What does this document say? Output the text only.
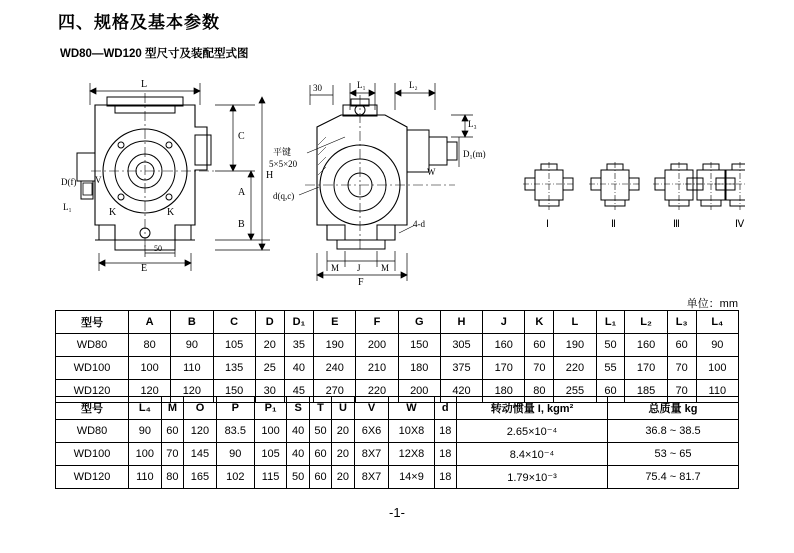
四、规格及基本参数
WD80—WD120 型尺寸及装配型式图
L
C
A
B
H
D(f) V
L₁	K	K
E
50
30	L₁	L₂
d(q,c)
平键
5×5×20
L₃
D₁(m)
W
4-d
M J M
F
Ⅰ	Ⅱ	Ⅲ	Ⅳ
单位：mm
型号	A	B	C	D	D₁	E	F	G	H	J	K	L	L₁	L₂	L₃	L₄
WD80	80	90	105	20	35	190	200	150	305	160	60	190	50	160	60	90
WD100	100	110	135	25	40	240	210	180	375	170	70	220	55	170	70	100
WD120	120	120	150	30	45	270	220	200	420	180	80	255	60	185	70	110
型号	L₄	M	O	P	P₁	S	T	U	V	W	d	转动惯量 I, kgm²	总质量 kg
WD80	90	60	120	83.5	100	40	50	20	6X6	10X8	18	2.65×10⁻⁴	36.8 ~ 38.5
WD100	100	70	145	90	105	40	60	20	8X7	12X8	18	8.4×10⁻⁴	53 ~ 65
WD120	110	80	165	102	115	50	60	20	8X7	14×9	18	1.79×10⁻³	75.4 ~ 81.7
-1-
